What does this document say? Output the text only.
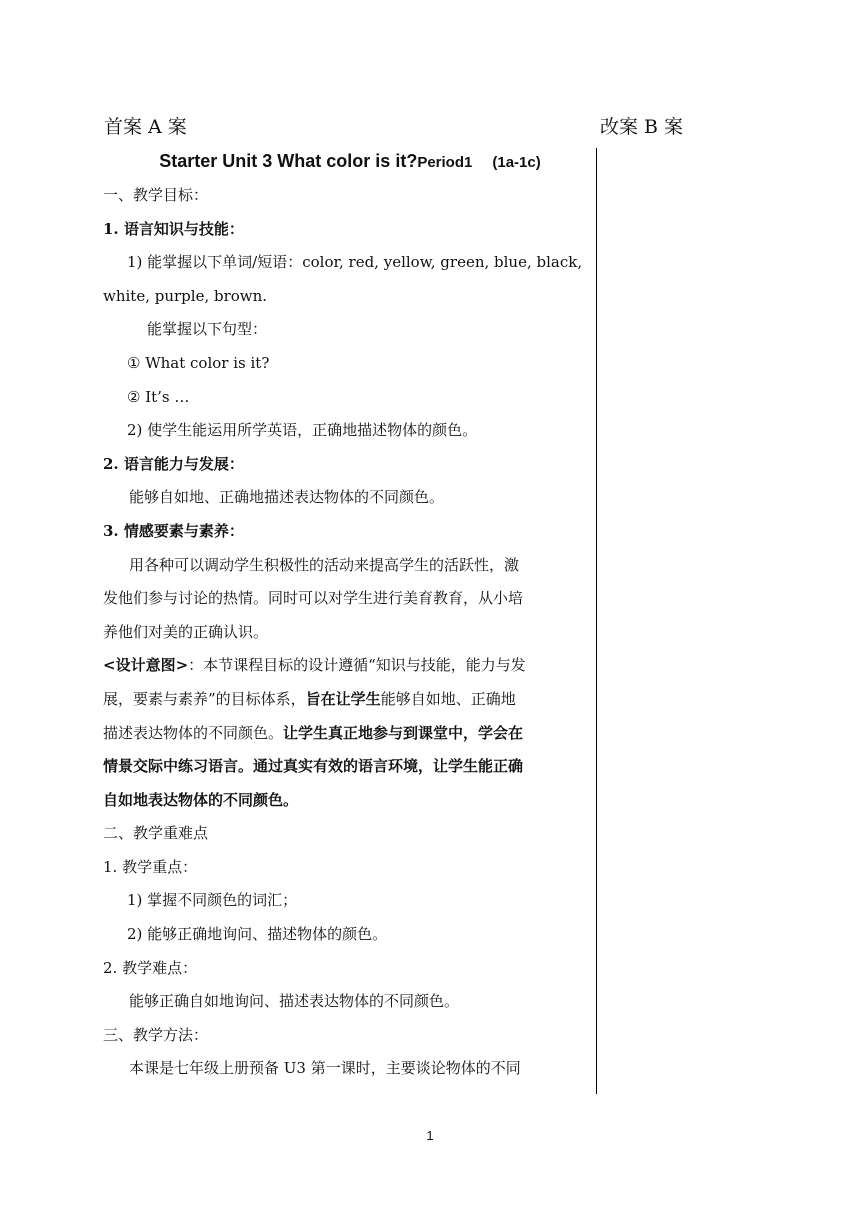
首案 A 案	改案 B 案
Starter Unit 3 What color is it?Period1 (1a-1c)
一、教学目标：
1. 语言知识与技能：
1) 能掌握以下单词/短语：color, red, yellow, green, blue, black,
white, purple, brown.
能掌握以下句型：
① What color is it?
② It’s …
2) 使学生能运用所学英语，正确地描述物体的颜色。
2. 语言能力与发展：
能够自如地、正确地描述表达物体的不同颜色。
3. 情感要素与素养：
用各种可以调动学生积极性的活动来提高学生的活跃性，激
发他们参与讨论的热情。同时可以对学生进行美育教育，从小培
养他们对美的正确认识。
<设计意图>：本节课程目标的设计遵循“知识与技能，能力与发
展，要素与素养”的目标体系，旨在让学生能够自如地、正确地
描述表达物体的不同颜色。让学生真正地参与到课堂中，学会在
情景交际中练习语言。通过真实有效的语言环境，让学生能正确
自如地表达物体的不同颜色。
二、教学重难点
1. 教学重点：
1) 掌握不同颜色的词汇；
2) 能够正确地询问、描述物体的颜色。
2. 教学难点：
能够正确自如地询问、描述表达物体的不同颜色。
三、教学方法：
本课是七年级上册预备 U3 第一课时，主要谈论物体的不同
1
